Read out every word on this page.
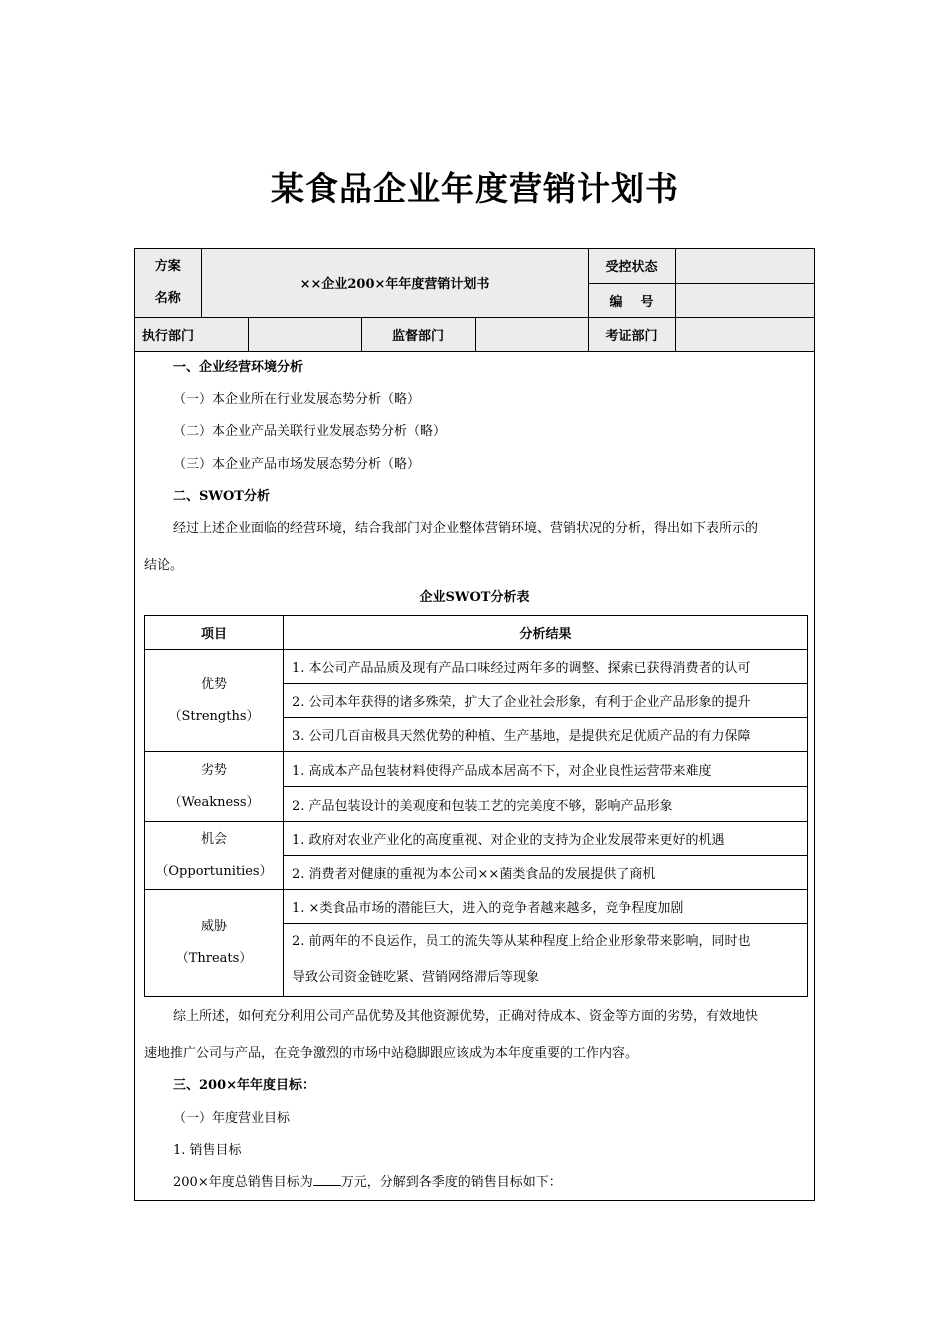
某食品企业年度营销计划书
方案
名称	××企业200×年年度营销计划书				受控状态	
					编    号	
执行部门			监督部门		考证部门	
一、企业经营环境分析
（一）本企业所在行业发展态势分析（略）
（二）本企业产品关联行业发展态势分析（略）
（三）本企业产品市场发展态势分析（略）
二、SWOT分析
经过上述企业面临的经营环境，结合我部门对企业整体营销环境、营销状况的分析，得出如下表所示的
结论。
企业SWOT分析表
项目	分析结果

优势
（Strengths）	1. 本公司产品品质及现有产品口味经过两年多的调整、探索已获得消费者的认可
	2. 公司本年获得的诸多殊荣，扩大了企业社会形象，有利于企业产品形象的提升
	3. 公司几百亩极具天然优势的种植、生产基地，是提供充足优质产品的有力保障

劣势
（Weakness）	1. 高成本产品包装材料使得产品成本居高不下，对企业良性运营带来难度
	2. 产品包装设计的美观度和包装工艺的完美度不够，影响产品形象

机会
（Opportunities）	1. 政府对农业产业化的高度重视、对企业的支持为企业发展带来更好的机遇
	2. 消费者对健康的重视为本公司××菌类食品的发展提供了商机

威胁
（Threats）	1. ×类食品市场的潜能巨大，进入的竞争者越来越多，竞争程度加剧

	2. 前两年的不良运作，员工的流失等从某种程度上给企业形象带来影响，同时也
导致公司资金链吃紧、营销网络滞后等现象
综上所述，如何充分利用公司产品优势及其他资源优势，正确对待成本、资金等方面的劣势，有效地快
速地推广公司与产品，在竞争激烈的市场中站稳脚跟应该成为本年度重要的工作内容。
三、200×年年度目标：
（一）年度营业目标
1. 销售目标
200×年度总销售目标为 万元，分解到各季度的销售目标如下：
